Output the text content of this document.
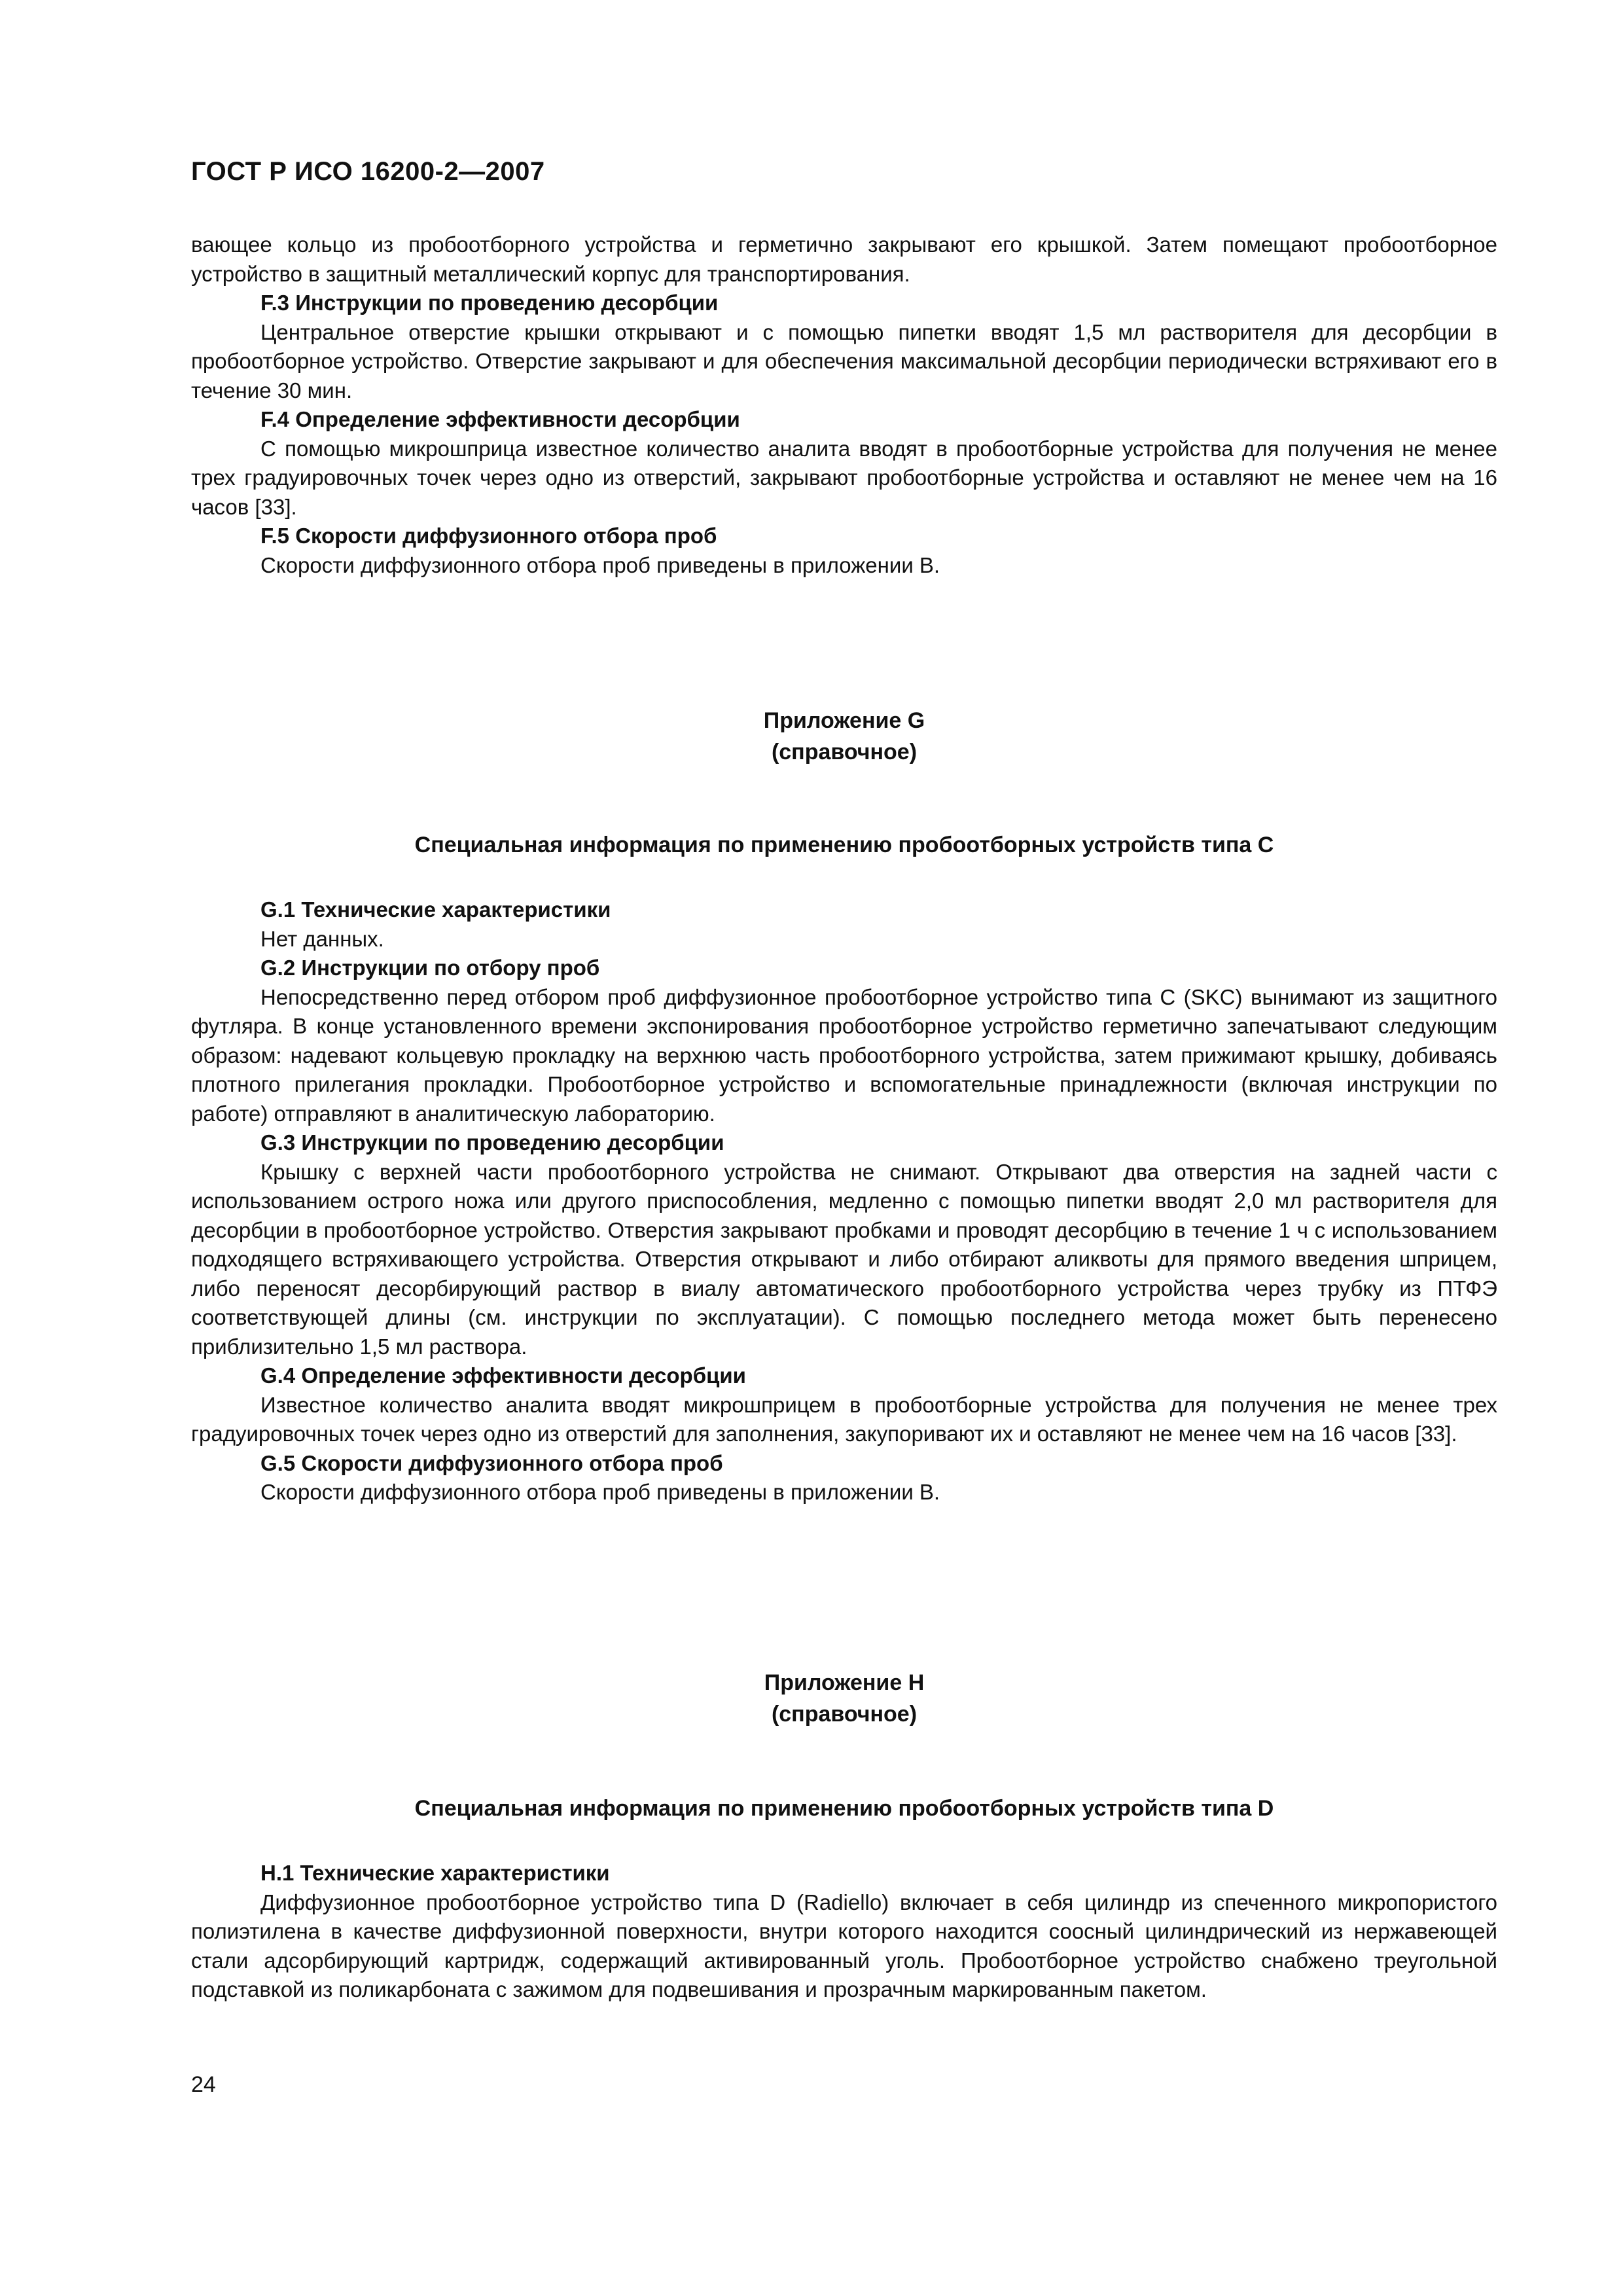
ГОСТ Р ИСО 16200-2—2007

вающее кольцо из пробоотборного устройства и герметично закрывают его крышкой. Затем помещают пробоотборное устройство в защитный металлический корпус для транспортирования.

F.3 Инструкции по проведению десорбции

Центральное отверстие крышки открывают и с помощью пипетки вводят 1,5 мл растворителя для десорбции в пробоотборное устройство. Отверстие закрывают и для обеспечения максимальной десорбции периодически встряхивают его в течение 30 мин.

F.4 Определение эффективности десорбции

С помощью микрошприца известное количество аналита вводят в пробоотборные устройства для получения не менее трех градуировочных точек через одно из отверстий, закрывают пробоотборные устройства и оставляют не менее чем на 16 часов [33].

F.5 Скорости диффузионного отбора проб

Скорости диффузионного отбора проб приведены в приложении В.

Приложение G
(справочное)
Специальная информация по применению пробоотборных устройств типа С

G.1 Технические характеристики

Нет данных.

G.2 Инструкции по отбору проб

Непосредственно перед отбором проб диффузионное пробоотборное устройство типа С (SKC) вынимают из защитного футляра. В конце установленного времени экспонирования пробоотборное устройство герметично запечатывают следующим образом: надевают кольцевую прокладку на верхнюю часть пробоотборного устройства, затем прижимают крышку, добиваясь плотного прилегания прокладки. Пробоотборное устройство и вспомогательные принадлежности (включая инструкции по работе) отправляют в аналитическую лабораторию.

G.3 Инструкции по проведению десорбции

Крышку с верхней части пробоотборного устройства не снимают. Открывают два отверстия на задней части с использованием острого ножа или другого приспособления, медленно с помощью пипетки вводят 2,0 мл растворителя для десорбции в пробоотборное устройство. Отверстия закрывают пробками и проводят десорбцию в течение 1 ч с использованием подходящего встряхивающего устройства. Отверстия открывают и либо отбирают аликвоты для прямого введения шприцем, либо переносят десорбирующий раствор в виалу автоматического пробоотборного устройства через трубку из ПТФЭ соответствующей длины (см. инструкции по эксплуатации). С помощью последнего метода может быть перенесено приблизительно 1,5 мл раствора.

G.4 Определение эффективности десорбции

Известное количество аналита вводят микрошприцем в пробоотборные устройства для получения не менее трех градуировочных точек через одно из отверстий для заполнения, закупоривают их и оставляют не менее чем на 16 часов [33].

G.5 Скорости диффузионного отбора проб

Скорости диффузионного отбора проб приведены в приложении В.

Приложение H
(справочное)
Специальная информация по применению пробоотборных устройств типа D

H.1 Технические характеристики

Диффузионное пробоотборное устройство типа D (Radiello) включает в себя цилиндр из спеченного микропористого полиэтилена в качестве диффузионной поверхности, внутри которого находится соосный цилиндрический из нержавеющей стали адсорбирующий картридж, содержащий активированный уголь. Пробоотборное устройство снабжено треугольной подставкой из поликарбоната с зажимом для подвешивания и прозрачным маркированным пакетом.

24
